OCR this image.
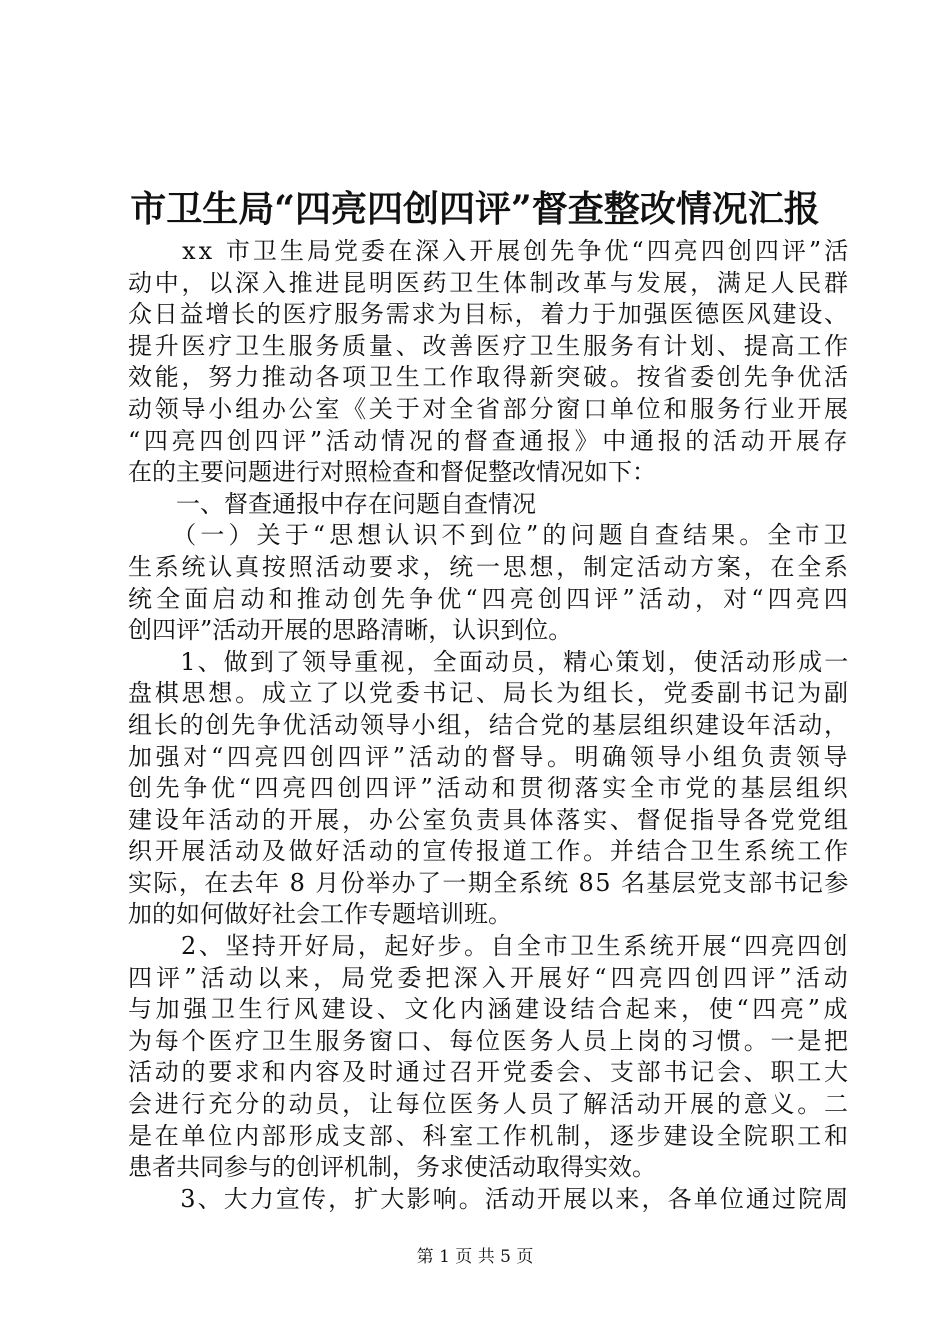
市卫生局“四亮四创四评”督查整改情况汇报
　　xx 市卫生局党委在深入开展创先争优“四亮四创四评”活
动中，以深入推进昆明医药卫生体制改革与发展，满足人民群
众日益增长的医疗服务需求为目标，着力于加强医德医风建设、
提升医疗卫生服务质量、改善医疗卫生服务有计划、提高工作
效能，努力推动各项卫生工作取得新突破。按省委创先争优活
动领导小组办公室《关于对全省部分窗口单位和服务行业开展
“四亮四创四评”活动情况的督查通报》中通报的活动开展存
在的主要问题进行对照检查和督促整改情况如下：
　　一、督查通报中存在问题自查情况
　　（一）关于“思想认识不到位”的问题自查结果。全市卫
生系统认真按照活动要求，统一思想，制定活动方案，在全系
统全面启动和推动创先争优“四亮创四评”活动，对“四亮四
创四评”活动开展的思路清晰，认识到位。
　　1、做到了领导重视，全面动员，精心策划，使活动形成一
盘棋思想。成立了以党委书记、局长为组长，党委副书记为副
组长的创先争优活动领导小组，结合党的基层组织建设年活动，
加强对“四亮四创四评”活动的督导。明确领导小组负责领导
创先争优“四亮四创四评”活动和贯彻落实全市党的基层组织
建设年活动的开展，办公室负责具体落实、督促指导各党党组
织开展活动及做好活动的宣传报道工作。并结合卫生系统工作
实际，在去年 8 月份举办了一期全系统 85 名基层党支部书记参
加的如何做好社会工作专题培训班。
　　2、坚持开好局，起好步。自全市卫生系统开展“四亮四创
四评”活动以来，局党委把深入开展好“四亮四创四评”活动
与加强卫生行风建设、文化内涵建设结合起来，使“四亮”成
为每个医疗卫生服务窗口、每位医务人员上岗的习惯。一是把
活动的要求和内容及时通过召开党委会、支部书记会、职工大
会进行充分的动员，让每位医务人员了解活动开展的意义。二
是在单位内部形成支部、科室工作机制，逐步建设全院职工和
患者共同参与的创评机制，务求使活动取得实效。
　　3、大力宣传，扩大影响。活动开展以来，各单位通过院周
第 1 页 共 5 页
